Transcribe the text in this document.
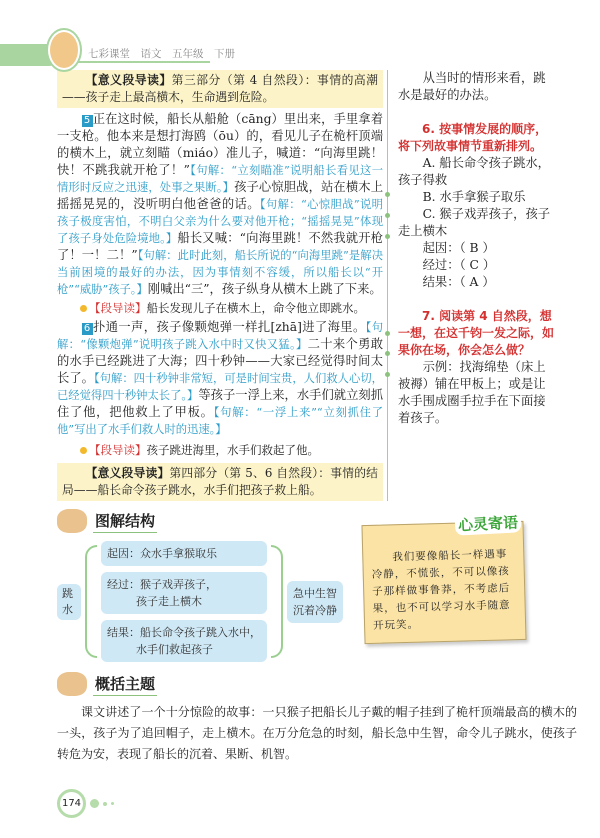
七彩课堂　语文　五年级　下册

【意义段导读】第三部分（第 4 自然段）：事情的高潮——孩子走上最高横木，生命遇到危险。

5 正在这时候，船长从船舱（cāng）里出来，手里拿着一支枪。他本来是想打海鸥（ōu）的，看见儿子在桅杆顶端的横木上，就立刻瞄（miáo）准儿子，喊道：“向海里跳！快！不跳我就开枪了！”【句解：“立刻瞄准”说明船长看见这一情形时反应之迅速，处事之果断。】孩子心惊胆战，站在横木上摇摇晃晃的，没听明白他爸爸的话。【句解：“心惊胆战”说明孩子极度害怕，不明白父亲为什么要对他开枪；“摇摇晃晃”体现了孩子身处危险境地。】船长又喊：“向海里跳！不然我就开枪了！一！二！”【句解：此时此刻，船长所说的“向海里跳”是解决当前困境的最好的办法，因为事情刻不容缓，所以船长以“开枪”“威胁”孩子。】刚喊出“三”，孩子纵身从横木上跳了下来。

【段导读】船长发现儿子在横木上，命令他立即跳水。

6 扑通一声，孩子像颗炮弹一样扎[zhā]进了海里。【句解：“像颗炮弹”说明孩子跳入水中时又快又猛。】二十来个勇敢的水手已经跳进了大海；四十秒钟——大家已经觉得时间太长了。【句解：四十秒钟非常短，可是时间宝贵，人们救人心切，已经觉得四十秒钟太长了。】等孩子一浮上来，水手们就立刻抓住了他，把他救上了甲板。【句解：“一浮上来”“立刻抓住了他”写出了水手们救人时的迅速。】

【段导读】孩子跳进海里，水手们救起了他。

【意义段导读】第四部分（第 5、6 自然段）：事情的结局——船长命令孩子跳水，水手们把孩子救上船。

从当时的情形来看，跳水是最好的办法。

6. 按事情发展的顺序，将下列故事情节重新排列。

A. 船长命令孩子跳水，孩子得救

B. 水手拿猴子取乐

C. 猴子戏弄孩子，孩子走上横木

起因：（ B ）

经过：（ C ）

结果：（ A ）

7. 阅读第 4 自然段，想一想，在这千钧一发之际，如果你在场，你会怎么做？

示例：找海绵垫（床上被褥）铺在甲板上；或是让水手围成圈手拉手在下面接着孩子。

图解结构
跳水
起因：众水手拿猴取乐
经过：猴子戏弄孩子，
孩子走上横木
结果：船长命令孩子跳入水中，
水手们救起孩子
急中生智
沉着冷静

我们要像船长一样遇事冷静，不慌张，不可以像孩子那样做事鲁莽，不考虑后果，也不可以学习水手随意开玩笑。

心灵寄语
概括主题
课文讲述了一个十分惊险的故事：一只猴子把船长儿子戴的帽子挂到了桅杆顶端最高的横木的一头，孩子为了追回帽子，走上横木。在万分危急的时刻，船长急中生智，命令儿子跳水，使孩子转危为安，表现了船长的沉着、果断、机智。
174
